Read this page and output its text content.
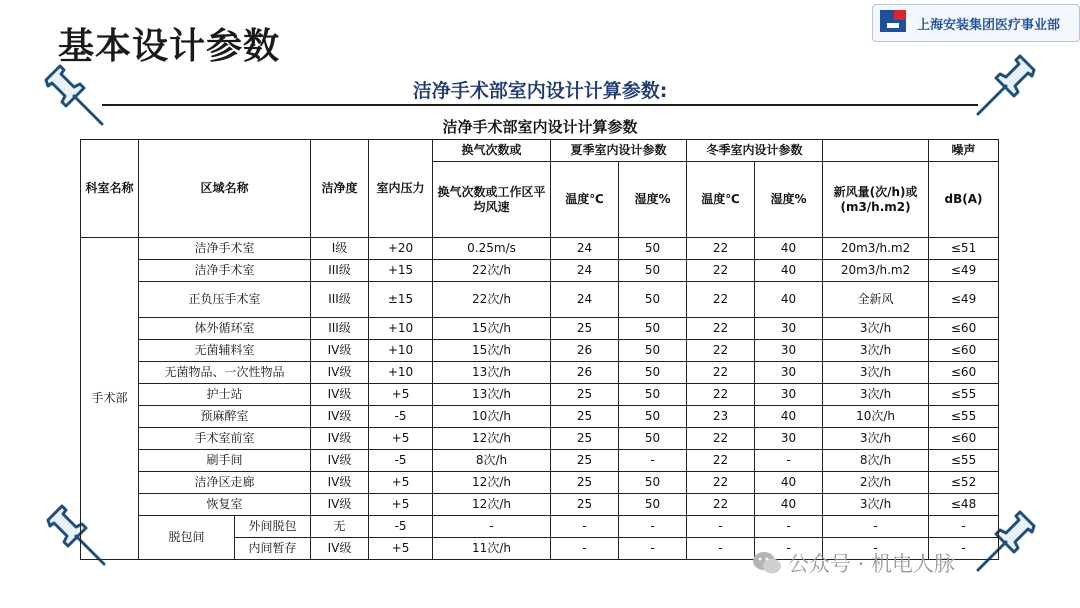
基本设计参数
上海安装集团医疗事业部
洁净手术部室内设计计算参数:
洁净手术部室内设计计算参数
科室名称	区域名称		洁净度	室内压力	换气次数或	夏季室内设计参数		冬季室内设计参数			噪声
					换气次数或工作区平均风速	温度℃	湿度%	温度℃	湿度%	新风量(次/h)或(m3/h.m2)	dB(A)
手术部	洁净手术室		I级	+20	0.25m/s	24	50	22	40	20m3/h.m2	≤51
	洁净手术室		III级	+15	22次/h	24	50	22	40	20m3/h.m2	≤49
	正负压手术室		III级	±15	22次/h	24	50	22	40	全新风	≤49
	体外循环室		III级	+10	15次/h	25	50	22	30	3次/h	≤60
	无菌辅料室		IV级	+10	15次/h	26	50	22	30	3次/h	≤60
	无菌物品、一次性物品		IV级	+10	13次/h	26	50	22	30	3次/h	≤60
	护士站		IV级	+5	13次/h	25	50	22	30	3次/h	≤55
	预麻醉室		IV级	-5	10次/h	25	50	23	40	10次/h	≤55
	手术室前室		IV级	+5	12次/h	25	50	22	30	3次/h	≤60
	刷手间		IV级	-5	8次/h	25	-	22	-	8次/h	≤55
	洁净区走廊		IV级	+5	12次/h	25	50	22	40	2次/h	≤52
	恢复室		IV级	+5	12次/h	25	50	22	40	3次/h	≤48
	脱包间	外间脱包	无	-5	-	-	-	-	-	-	-
		内间暂存	IV级	+5	11次/h	-	-	-	-	-	-
公众号 · 机电人脉
